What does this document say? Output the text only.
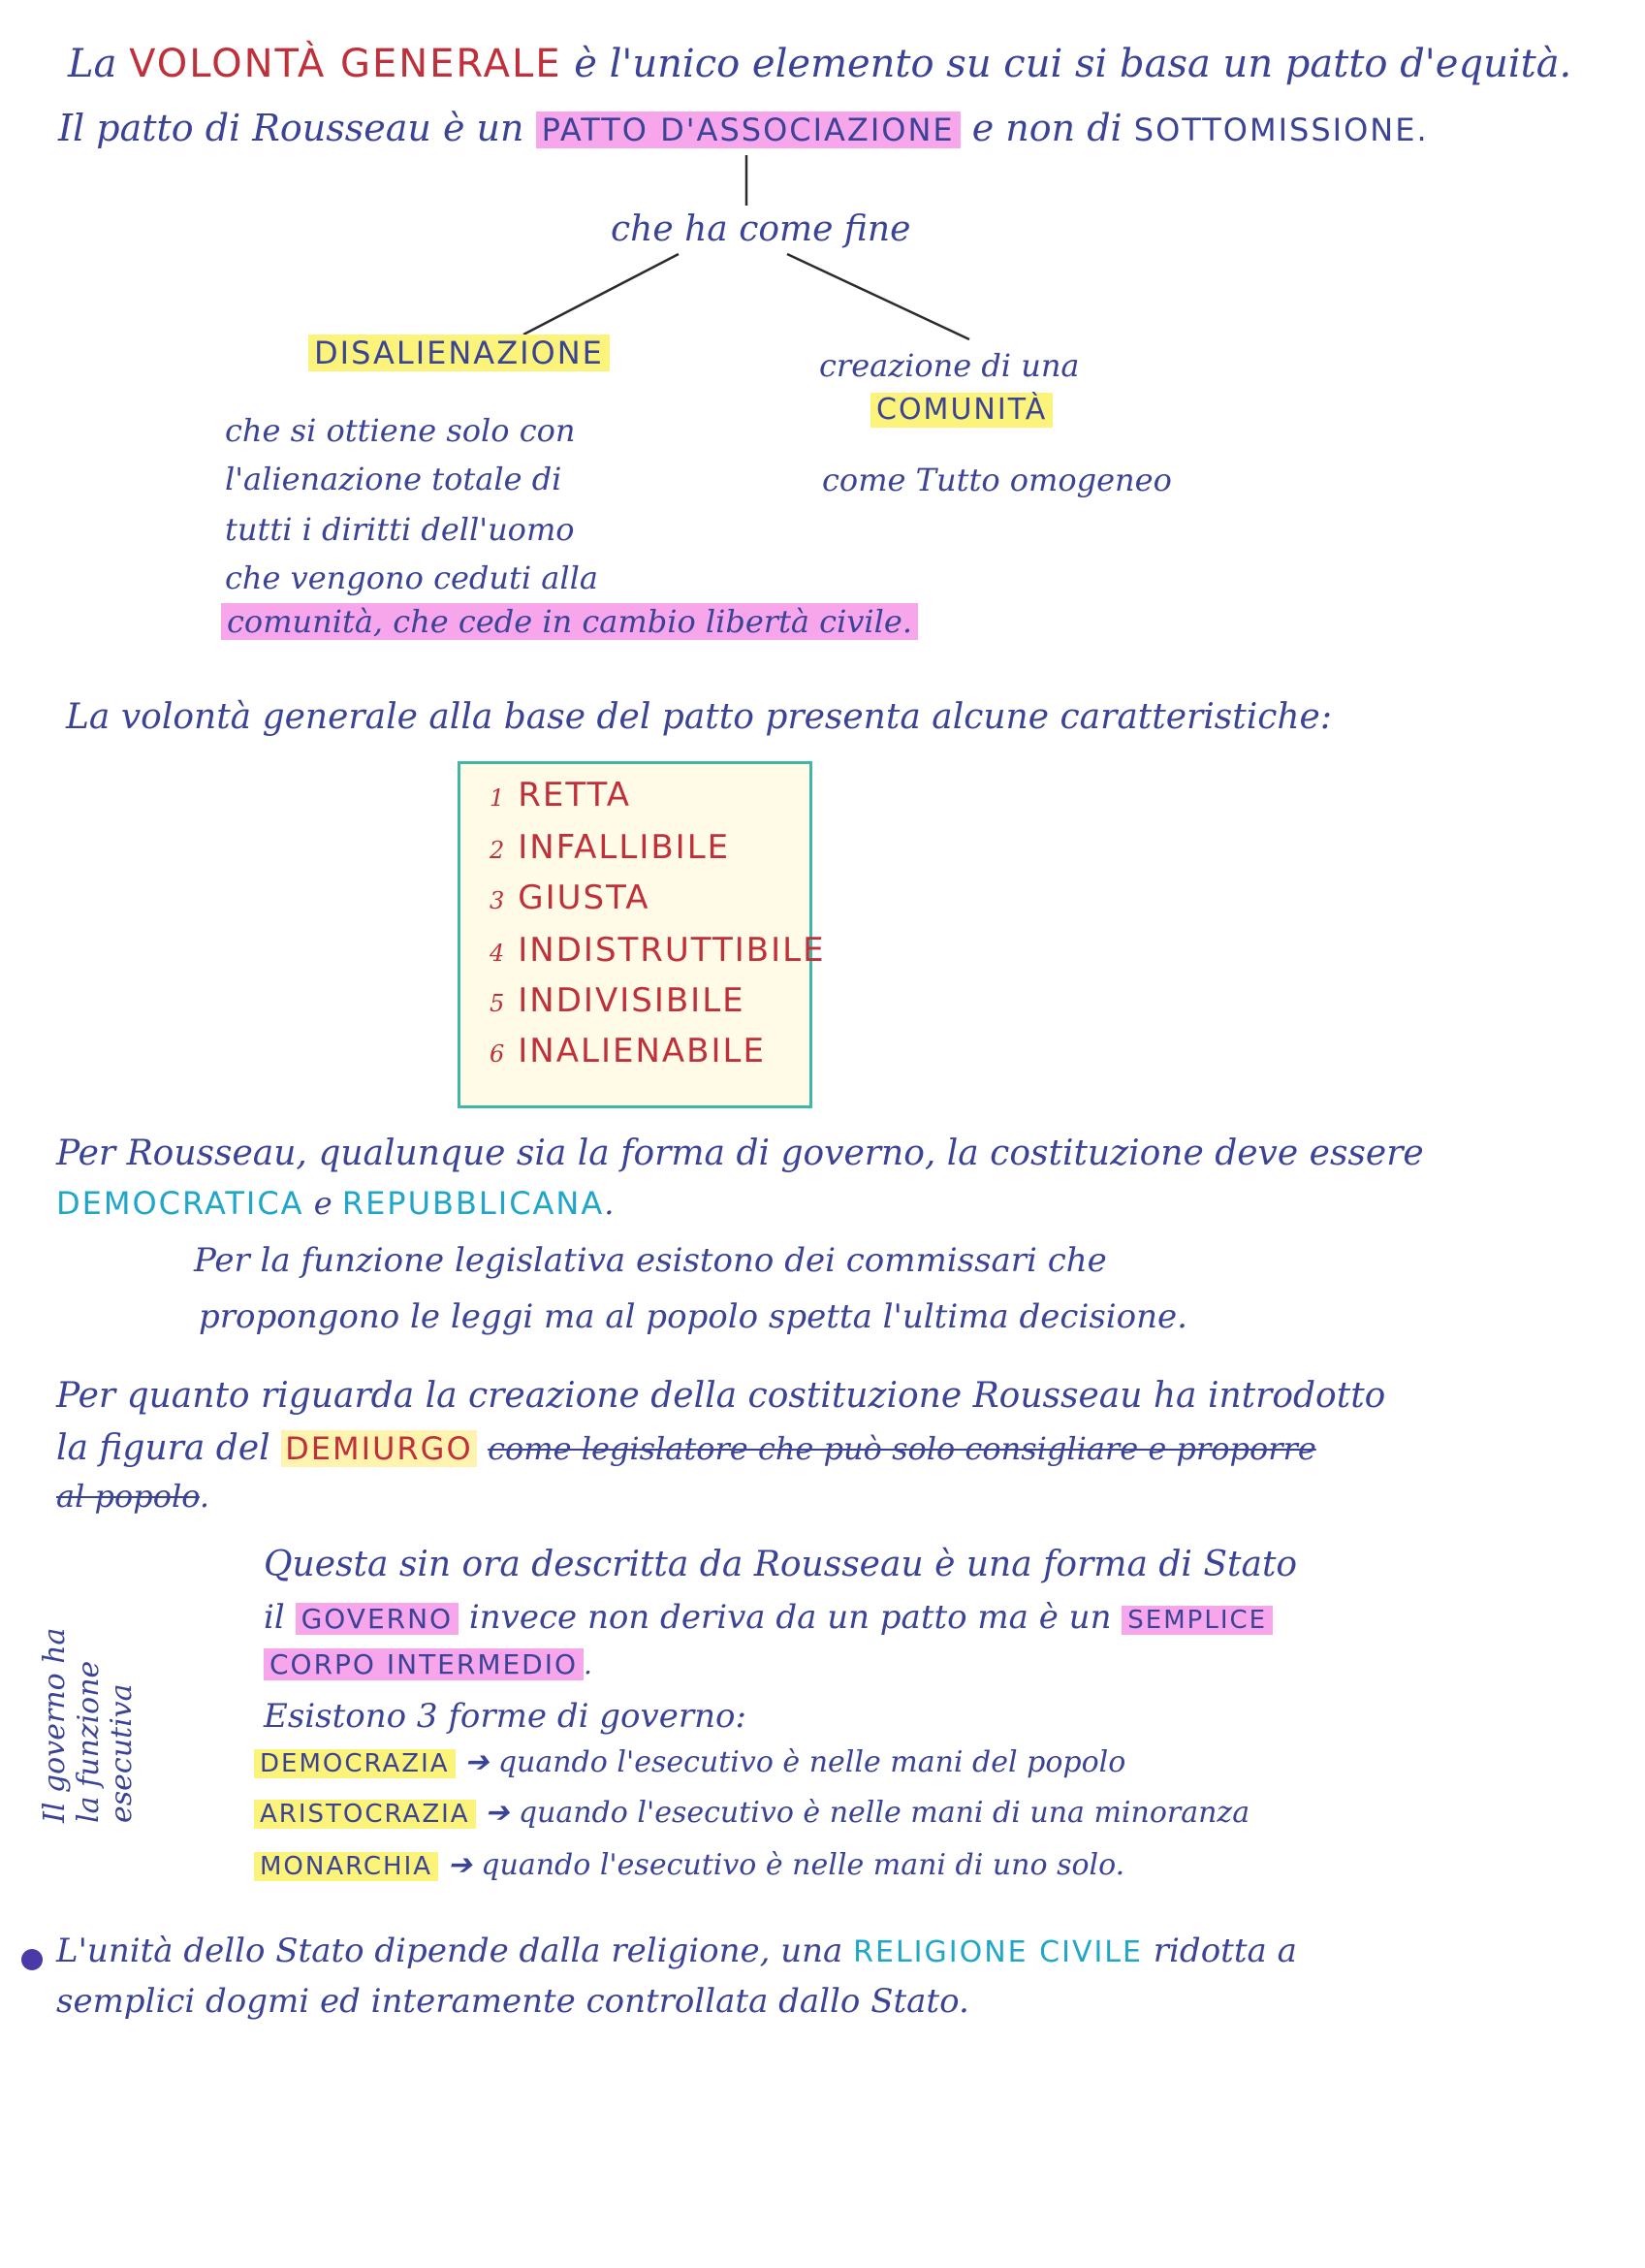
La VOLONTÀ GENERALE è l'unico elemento su cui si basa un patto d'equità.
Il patto di Rousseau è un PATTO D'ASSOCIAZIONE e non di SOTTOMISSIONE.
che ha come fine
DISALIENAZIONE
che si ottiene solo con
l'alienazione totale di
tutti i diritti dell'uomo
che vengono ceduti alla
comunità, che cede in cambio libertà civile.
creazione di una
COMUNITÀ
come Tutto omogeneo
La volontà generale alla base del patto presenta alcune caratteristiche:
1 RETTA
2 INFALLIBILE
3 GIUSTA
4 INDISTRUTTIBILE
5 INDIVISIBILE
6 INALIENABILE
Per Rousseau, qualunque sia la forma di governo, la costituzione deve essere
DEMOCRATICA e REPUBBLICANA.
Per la funzione legislativa esistono dei commissari che
propongono le leggi ma al popolo spetta l'ultima decisione.
Per quanto riguarda la creazione della costituzione Rousseau ha introdotto
la figura del DEMIURGO come legislatore che può solo consigliare e proporre
al popolo.
Il governo ha la funzione esecutiva
Questa sin ora descritta da Rousseau è una forma di Stato
il GOVERNO invece non deriva da un patto ma è un SEMPLICE
CORPO INTERMEDIO .
Esistono 3 forme di governo:
DEMOCRAZIA ➔ quando l'esecutivo è nelle mani del popolo
ARISTOCRAZIA ➔ quando l'esecutivo è nelle mani di una minoranza
MONARCHIA ➔ quando l'esecutivo è nelle mani di uno solo.
L'unità dello Stato dipende dalla religione, una RELIGIONE CIVILE ridotta a
semplici dogmi ed interamente controllata dallo Stato.
